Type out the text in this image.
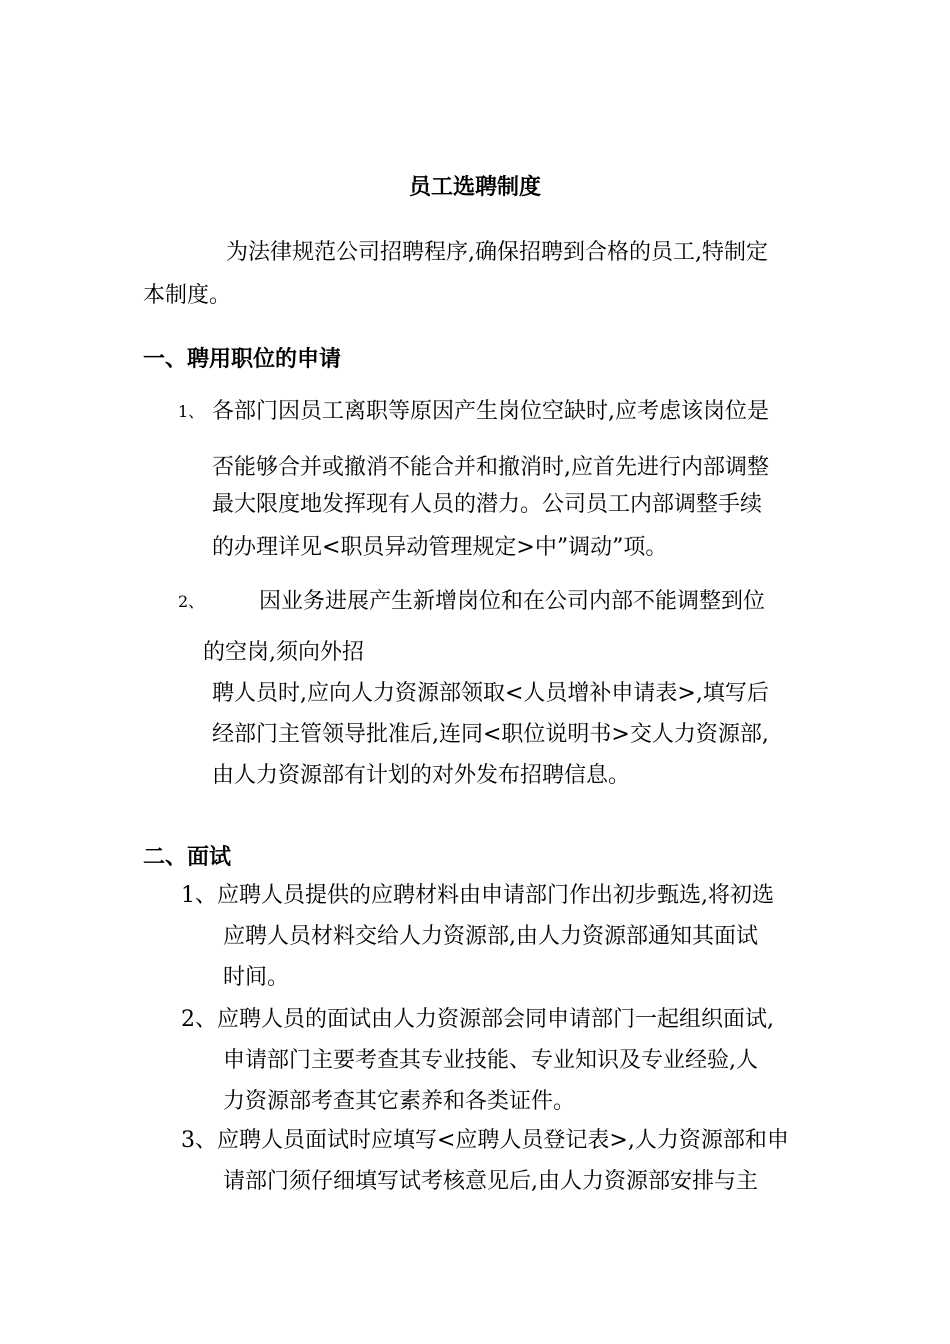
员工选聘制度
为法律规范公司招聘程序,确保招聘到合格的员工,特制定
本制度。
一、聘用职位的申请
1、 各部门因员工离职等原因产生岗位空缺时,应考虑该岗位是
否能够合并或撤消不能合并和撤消时,应首先进行内部调整
最大限度地发挥现有人员的潜力。公司员工内部调整手续
的办理详见<职员异动管理规定>中”调动”项。
2、 因业务进展产生新增岗位和在公司内部不能调整到位
的空岗,须向外招
聘人员时,应向人力资源部领取<人员增补申请表>,填写后
经部门主管领导批准后,连同<职位说明书>交人力资源部,
由人力资源部有计划的对外发布招聘信息。
二、面试
1、 应聘人员提供的应聘材料由申请部门作出初步甄选,将初选
应聘人员材料交给人力资源部,由人力资源部通知其面试
时间。
2、 应聘人员的面试由人力资源部会同申请部门一起组织面试,
申请部门主要考查其专业技能、专业知识及专业经验,人
力资源部考查其它素养和各类证件。
3、 应聘人员面试时应填写<应聘人员登记表>,人力资源部和申
请部门须仔细填写试考核意见后,由人力资源部安排与主
